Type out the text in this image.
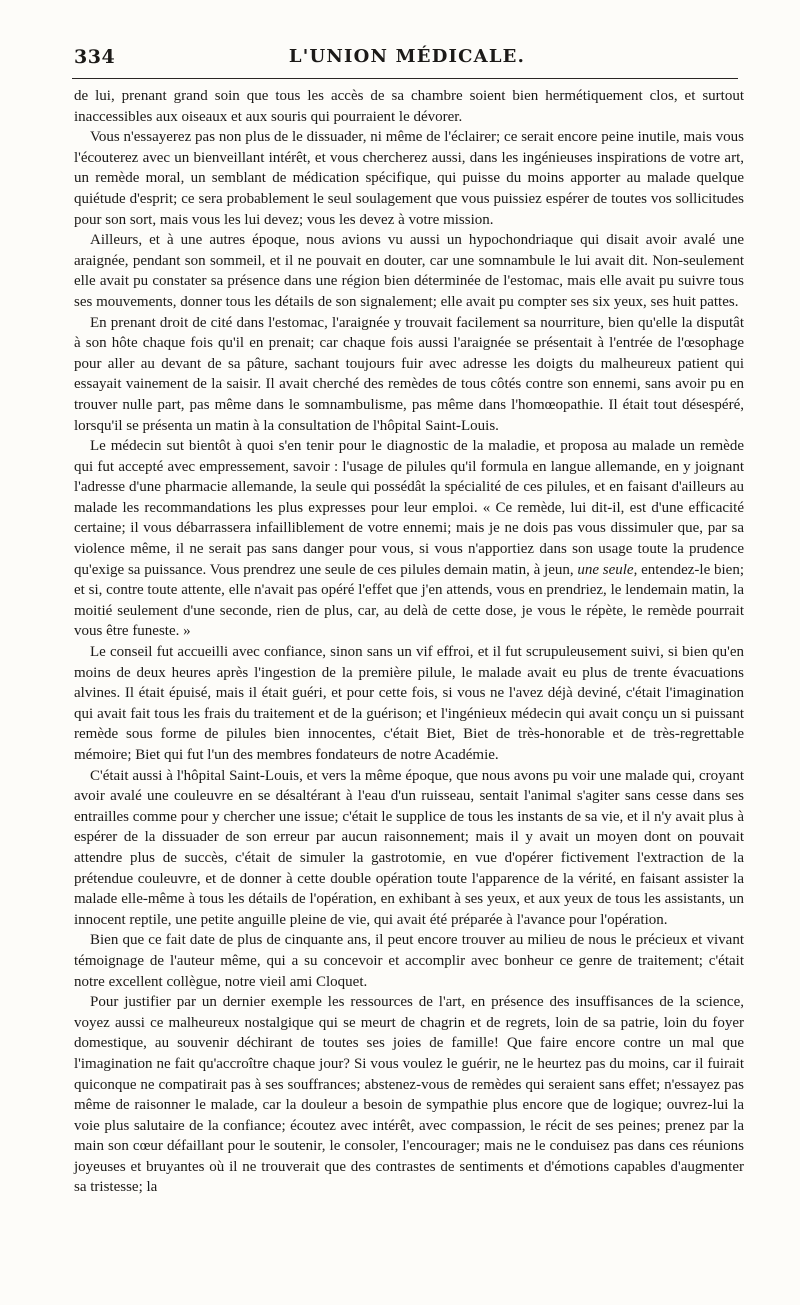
334	L'UNION MÉDICALE.

de lui, prenant grand soin que tous les accès de sa chambre soient bien hermétiquement clos, et surtout inaccessibles aux oiseaux et aux souris qui pourraient le dévorer.

Vous n'essayerez pas non plus de le dissuader, ni même de l'éclairer; ce serait encore peine inutile, mais vous l'écouterez avec un bienveillant intérêt, et vous chercherez aussi, dans les ingénieuses inspirations de votre art, un remède moral, un semblant de médication spécifique, qui puisse du moins apporter au malade quelque quiétude d'esprit; ce sera probablement le seul soulagement que vous puissiez espérer de toutes vos sollicitudes pour son sort, mais vous les lui devez; vous les devez à votre mission.

Ailleurs, et à une autres époque, nous avions vu aussi un hypochondriaque qui disait avoir avalé une araignée, pendant son sommeil, et il ne pouvait en douter, car une somnambule le lui avait dit. Non-seulement elle avait pu constater sa présence dans une région bien déterminée de l'estomac, mais elle avait pu suivre tous ses mouvements, donner tous les détails de son signalement; elle avait pu compter ses six yeux, ses huit pattes.

En prenant droit de cité dans l'estomac, l'araignée y trouvait facilement sa nourriture, bien qu'elle la disputât à son hôte chaque fois qu'il en prenait; car chaque fois aussi l'araignée se présentait à l'entrée de l'œsophage pour aller au devant de sa pâture, sachant toujours fuir avec adresse les doigts du malheureux patient qui essayait vainement de la saisir. Il avait cherché des remèdes de tous côtés contre son ennemi, sans avoir pu en trouver nulle part, pas même dans le somnambulisme, pas même dans l'homœopathie. Il était tout désespéré, lorsqu'il se présenta un matin à la consultation de l'hôpital Saint-Louis.

Le médecin sut bientôt à quoi s'en tenir pour le diagnostic de la maladie, et proposa au malade un remède qui fut accepté avec empressement, savoir : l'usage de pilules qu'il formula en langue allemande, en y joignant l'adresse d'une pharmacie allemande, la seule qui possédât la spécialité de ces pilules, et en faisant d'ailleurs au malade les recommandations les plus expresses pour leur emploi. « Ce remède, lui dit-il, est d'une efficacité certaine; il vous débarrassera infailliblement de votre ennemi; mais je ne dois pas vous dissimuler que, par sa violence même, il ne serait pas sans danger pour vous, si vous n'apportiez dans son usage toute la prudence qu'exige sa puissance. Vous prendrez une seule de ces pilules demain matin, à jeun, une seule, entendez-le bien; et si, contre toute attente, elle n'avait pas opéré l'effet que j'en attends, vous en prendriez, le lendemain matin, la moitié seulement d'une seconde, rien de plus, car, au delà de cette dose, je vous le répète, le remède pourrait vous être funeste. »

Le conseil fut accueilli avec confiance, sinon sans un vif effroi, et il fut scrupuleusement suivi, si bien qu'en moins de deux heures après l'ingestion de la première pilule, le malade avait eu plus de trente évacuations alvines. Il était épuisé, mais il était guéri, et pour cette fois, si vous ne l'avez déjà deviné, c'était l'imagination qui avait fait tous les frais du traitement et de la guérison; et l'ingénieux médecin qui avait conçu un si puissant remède sous forme de pilules bien innocentes, c'était Biet, Biet de très-honorable et de très-regrettable mémoire; Biet qui fut l'un des membres fondateurs de notre Académie.

C'était aussi à l'hôpital Saint-Louis, et vers la même époque, que nous avons pu voir une malade qui, croyant avoir avalé une couleuvre en se désaltérant à l'eau d'un ruisseau, sentait l'animal s'agiter sans cesse dans ses entrailles comme pour y chercher une issue; c'était le supplice de tous les instants de sa vie, et il n'y avait plus à espérer de la dissuader de son erreur par aucun raisonnement; mais il y avait un moyen dont on pouvait attendre plus de succès, c'était de simuler la gastrotomie, en vue d'opérer fictivement l'extraction de la prétendue couleuvre, et de donner à cette double opération toute l'apparence de la vérité, en faisant assister la malade elle-même à tous les détails de l'opération, en exhibant à ses yeux, et aux yeux de tous les assistants, un innocent reptile, une petite anguille pleine de vie, qui avait été préparée à l'avance pour l'opération.

Bien que ce fait date de plus de cinquante ans, il peut encore trouver au milieu de nous le précieux et vivant témoignage de l'auteur même, qui a su concevoir et accomplir avec bonheur ce genre de traitement; c'était notre excellent collègue, notre vieil ami Cloquet.

Pour justifier par un dernier exemple les ressources de l'art, en présence des insuffisances de la science, voyez aussi ce malheureux nostalgique qui se meurt de chagrin et de regrets, loin de sa patrie, loin du foyer domestique, au souvenir déchirant de toutes ses joies de famille! Que faire encore contre un mal que l'imagination ne fait qu'accroître chaque jour? Si vous voulez le guérir, ne le heurtez pas du moins, car il fuirait quiconque ne compatirait pas à ses souffrances; abstenez-vous de remèdes qui seraient sans effet; n'essayez pas même de raisonner le malade, car la douleur a besoin de sympathie plus encore que de logique; ouvrez-lui la voie plus salutaire de la confiance; écoutez avec intérêt, avec compassion, le récit de ses peines; prenez par la main son cœur défaillant pour le soutenir, le consoler, l'encourager; mais ne le conduisez pas dans ces réunions joyeuses et bruyantes où il ne trouverait que des contrastes de sentiments et d'émotions capables d'augmenter sa tristesse; la
